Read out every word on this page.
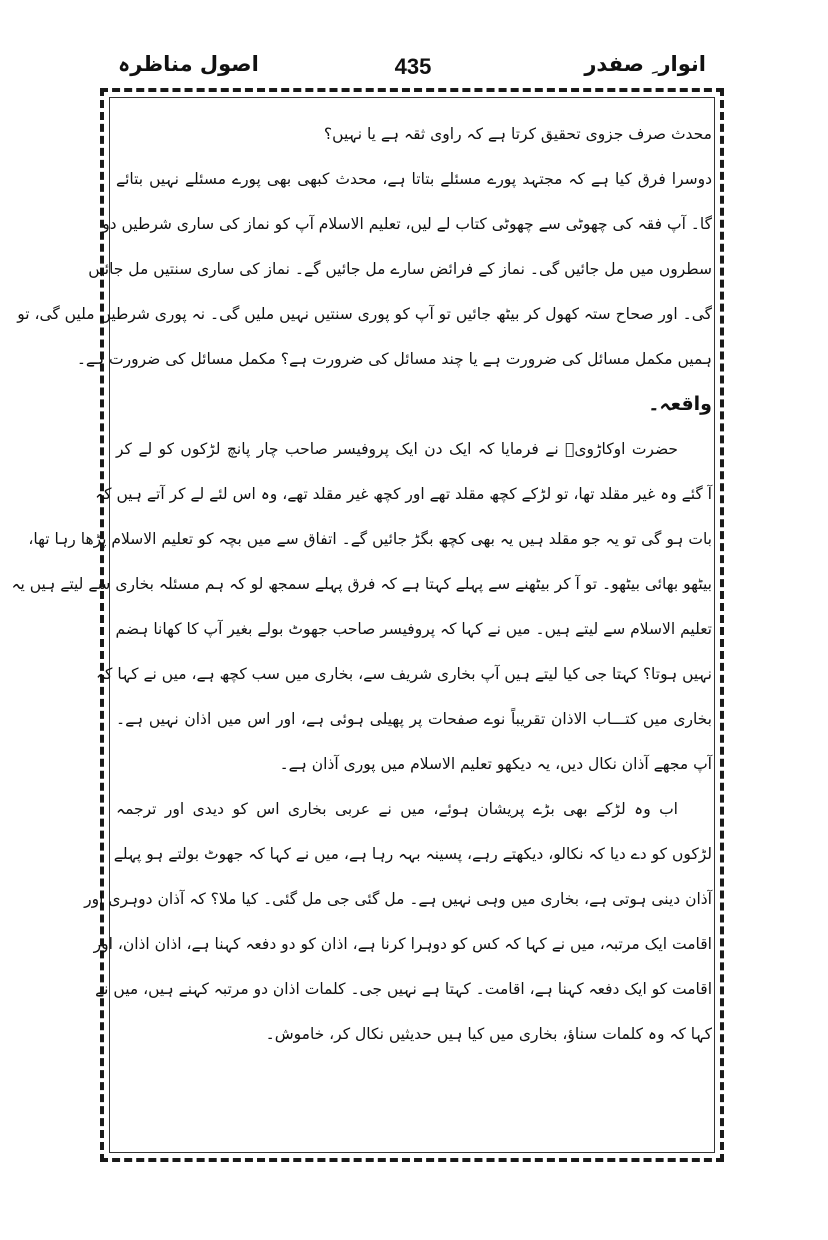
اصول مناظرہ	435	انوار ِ صفدر
محدث صرف جزوی تحقیق کرتا ہے کہ راوی ثقہ ہے یا نہیں؟
دوسرا فرق کیا ہے کہ مجتہد پورے مسئلے بتاتا ہے، محدث کبھی بھی پورے مسئلے نہیں بتائے
گا۔ آپ فقہ کی چھوٹی سے چھوٹی کتاب لے لیں، تعلیم الاسلام آپ کو نماز کی ساری شرطیں دو
سطروں میں مل جائیں گی۔ نماز کے فرائض سارے مل جائیں گے۔ نماز کی ساری سنتیں مل جائیں
گی۔ اور صحاح ستہ کھول کر بیٹھ جائیں تو آپ کو پوری سنتیں نہیں ملیں گی۔ نہ پوری شرطیں ملیں گی، تو
ہمیں مکمل مسائل کی ضرورت ہے یا چند مسائل کی ضرورت ہے؟ مکمل مسائل کی ضرورت ہے۔
واقعہ۔
حضرت اوکاڑویؒ نے فرمایا کہ ایک دن ایک پروفیسر صاحب چار پانچ لڑکوں کو لے کر
آ گئے وہ غیر مقلد تھا، تو لڑکے کچھ مقلد تھے اور کچھ غیر مقلد تھے، وہ اس لئے لے کر آتے ہیں کہ
بات ہو گی تو یہ جو مقلد ہیں یہ بھی کچھ بگڑ جائیں گے۔ اتفاق سے میں بچہ کو تعلیم الاسلام پڑھا رہا تھا،
بیٹھو بھائی بیٹھو۔ تو آ کر بیٹھنے سے پہلے کہتا ہے کہ فرق پہلے سمجھ لو کہ ہم مسئلہ بخاری سے لیتے ہیں یہ
تعلیم الاسلام سے لیتے ہیں۔ میں نے کہا کہ پروفیسر صاحب جھوٹ بولے بغیر آپ کا کھانا ہضم
نہیں ہوتا؟ کہتا جی کیا لیتے ہیں آپ بخاری شریف سے، بخاری میں سب کچھ ہے، میں نے کہا کہ
بخاری میں کتـــاب الاذان تقریباً نوے صفحات پر پھیلی ہوئی ہے، اور اس میں اذان نہیں ہے۔
آپ مجھے آذان نکال دیں، یہ دیکھو تعلیم الاسلام میں پوری آذان ہے۔
اب وہ لڑکے بھی بڑے پریشان ہوئے، میں نے عربی بخاری اس کو دیدی اور ترجمہ
لڑکوں کو دے دیا کہ نکالو، دیکھتے رہے، پسینہ بہہ رہا ہے، میں نے کہا کہ جھوٹ بولتے ہو پہلے
آذان دینی ہوتی ہے، بخاری میں وہی نہیں ہے۔ مل گئی جی مل گئی۔ کیا ملا؟ کہ آذان دوہری اور
اقامت ایک مرتبہ، میں نے کہا کہ کس کو دوہرا کرنا ہے، اذان کو دو دفعہ کہنا ہے، اذان اذان، اور
اقامت کو ایک دفعہ کہنا ہے، اقامت۔ کہتا ہے نہیں جی۔ کلمات اذان دو مرتبہ کہنے ہیں، میں نے
کہا کہ وہ کلمات سناؤ، بخاری میں کیا ہیں حدیثیں نکال کر، خاموش۔
